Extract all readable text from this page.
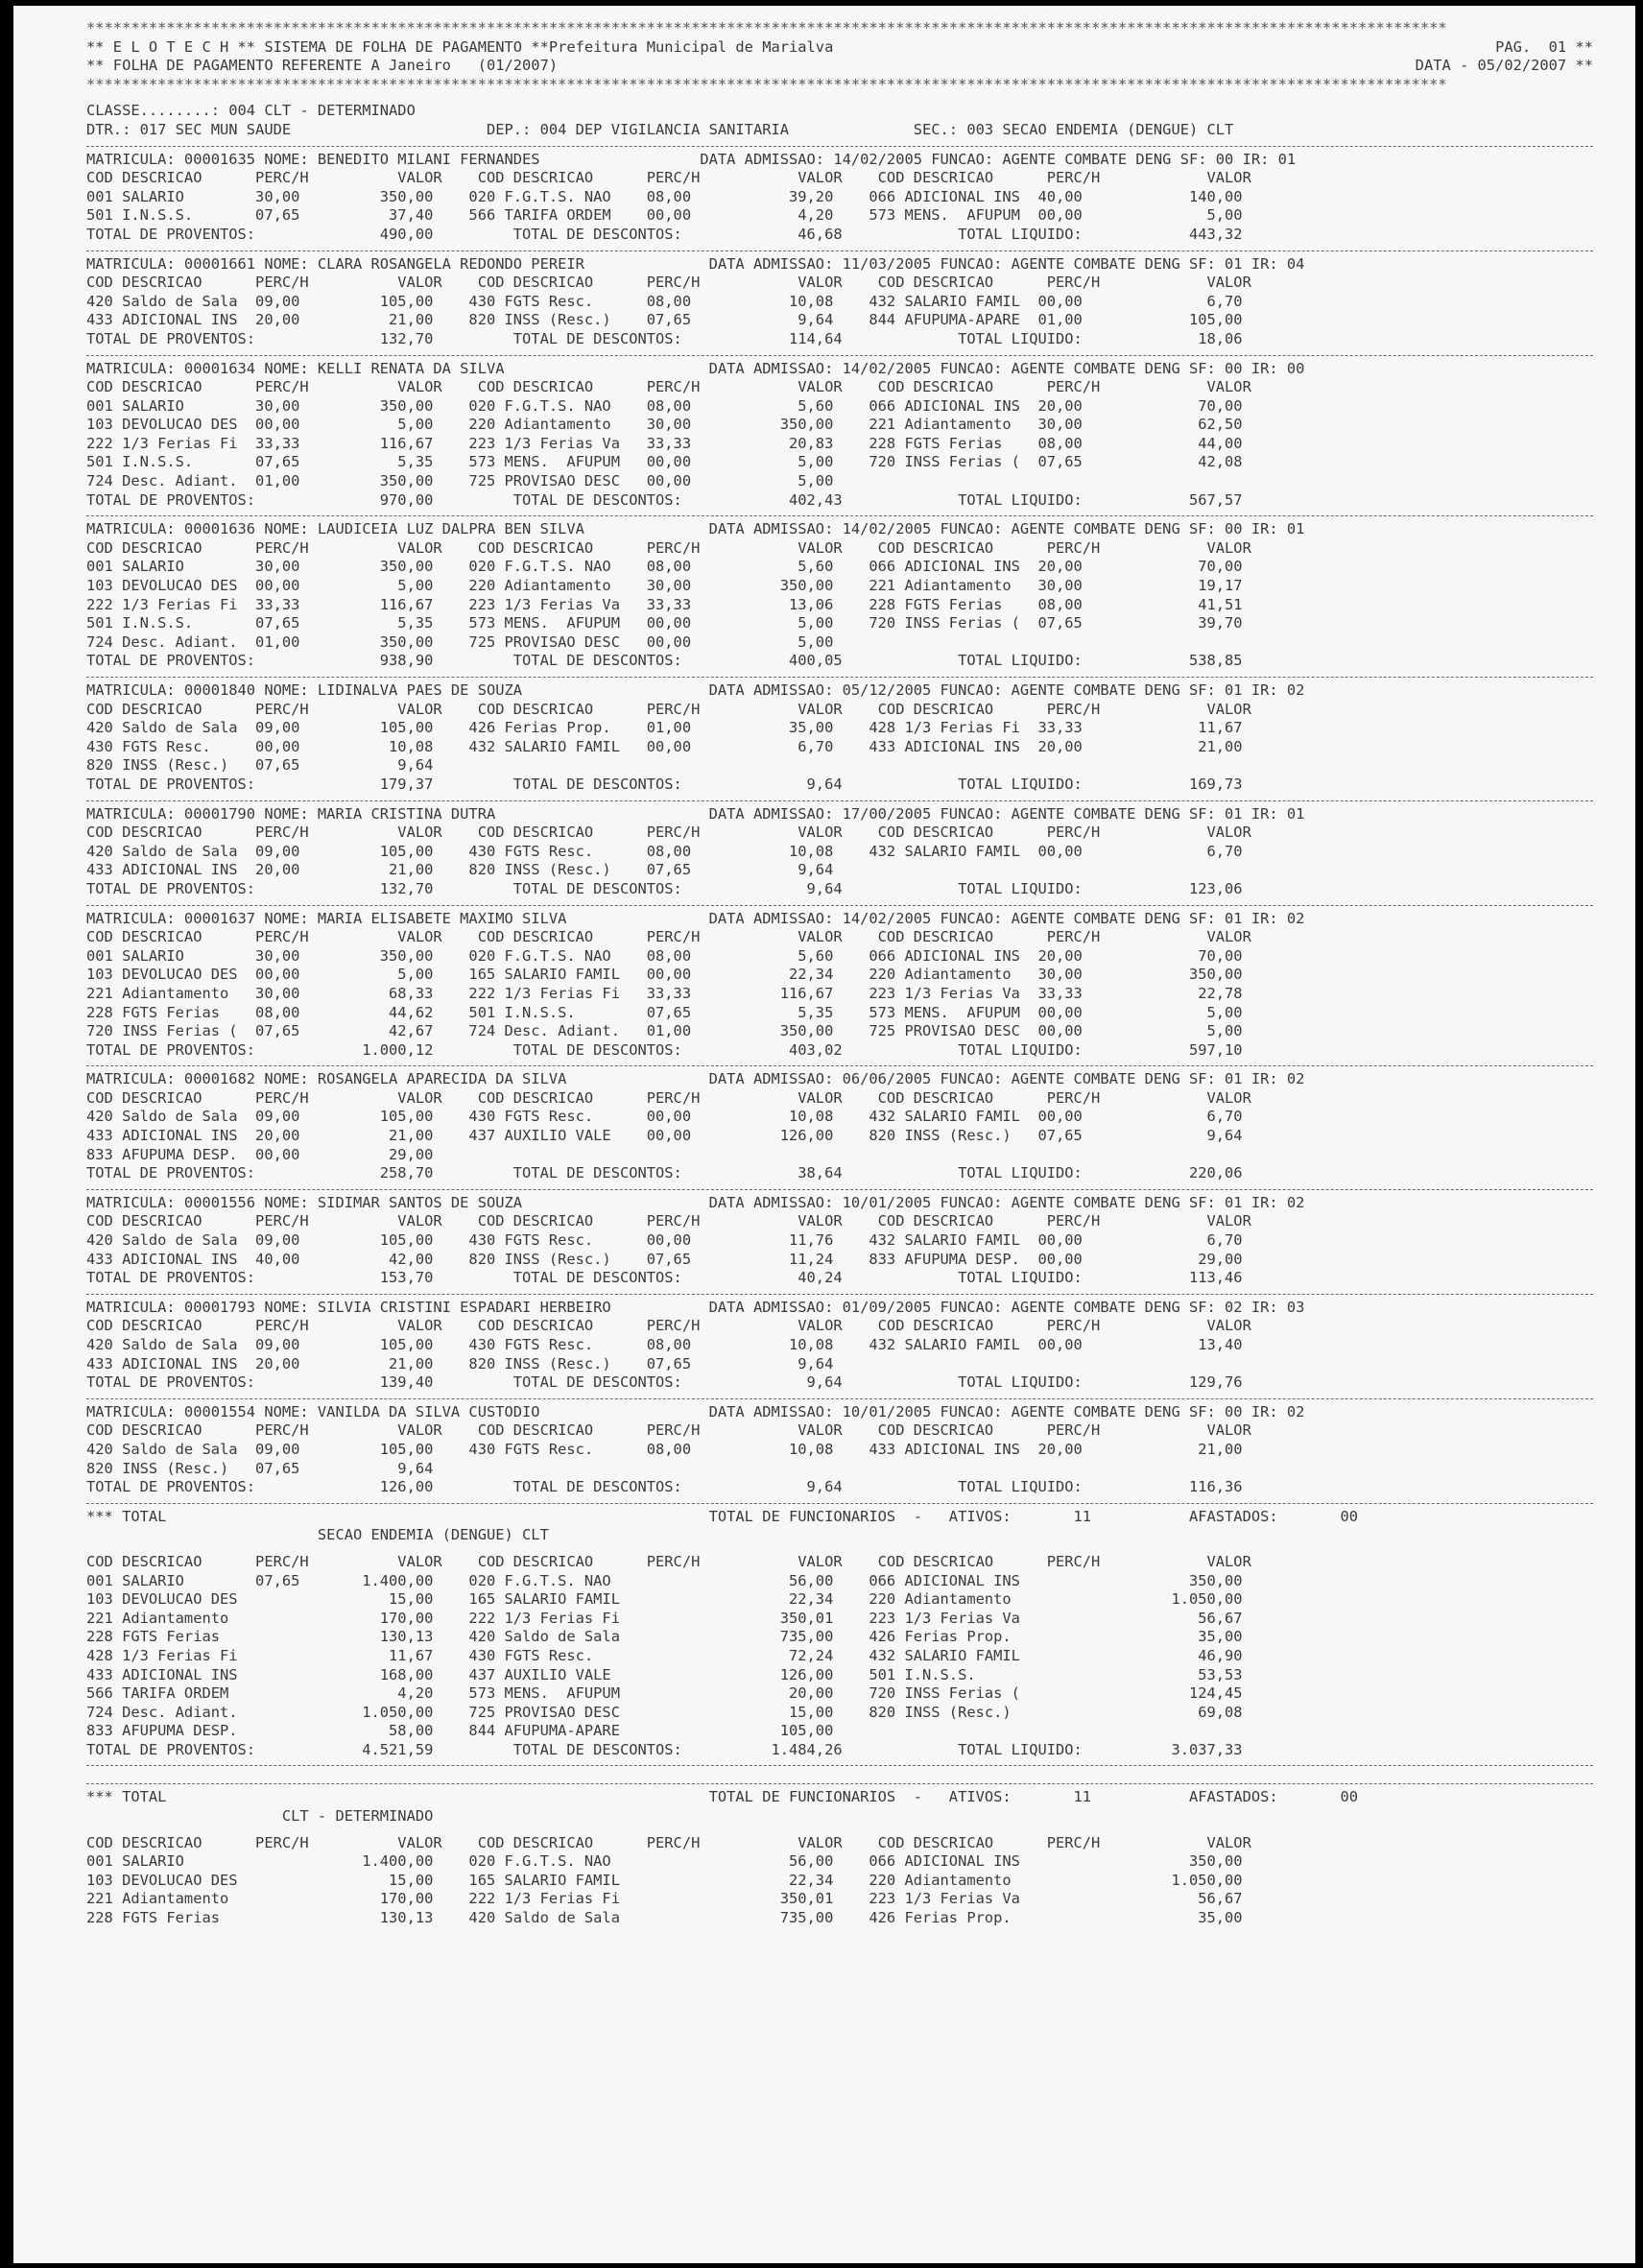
*********************************************************************************************************************************************************
** E L O T E C H ** SISTEMA DE FOLHA DE PAGAMENTO **Prefeitura Municipal de Marialva	PAG.  01 **
** FOLHA DE PAGAMENTO REFERENTE A Janeiro   (01/2007)	DATA - 05/02/2007 **
*********************************************************************************************************************************************************
CLASSE........: 004 CLT - DETERMINADO
DTR.: 017 SEC MUN SAUDE                      DEP.: 004 DEP VIGILANCIA SANITARIA              SEC.: 003 SECAO ENDEMIA (DENGUE) CLT
MATRICULA: 00001635 NOME: BENEDITO MILANI FERNANDES                  DATA ADMISSAO: 14/02/2005 FUNCAO: AGENTE COMBATE DENG SF: 00 IR: 01
COD DESCRICAO      PERC/H          VALOR    COD DESCRICAO      PERC/H           VALOR    COD DESCRICAO      PERC/H            VALOR
001 SALARIO        30,00         350,00    020 F.G.T.S. NAO    08,00           39,20    066 ADICIONAL INS  40,00            140,00
501 I.N.S.S.       07,65          37,40    566 TARIFA ORDEM    00,00            4,20    573 MENS.  AFUPUM  00,00              5,00
TOTAL DE PROVENTOS:              490,00         TOTAL DE DESCONTOS:             46,68             TOTAL LIQUIDO:            443,32
MATRICULA: 00001661 NOME: CLARA ROSANGELA REDONDO PEREIR              DATA ADMISSAO: 11/03/2005 FUNCAO: AGENTE COMBATE DENG SF: 01 IR: 04
COD DESCRICAO      PERC/H          VALOR    COD DESCRICAO      PERC/H           VALOR    COD DESCRICAO      PERC/H            VALOR
420 Saldo de Sala  09,00         105,00    430 FGTS Resc.      08,00           10,08    432 SALARIO FAMIL  00,00              6,70
433 ADICIONAL INS  20,00          21,00    820 INSS (Resc.)    07,65            9,64    844 AFUPUMA-APARE  01,00            105,00
TOTAL DE PROVENTOS:              132,70         TOTAL DE DESCONTOS:            114,64             TOTAL LIQUIDO:             18,06
MATRICULA: 00001634 NOME: KELLI RENATA DA SILVA                       DATA ADMISSAO: 14/02/2005 FUNCAO: AGENTE COMBATE DENG SF: 00 IR: 00
COD DESCRICAO      PERC/H          VALOR    COD DESCRICAO      PERC/H           VALOR    COD DESCRICAO      PERC/H            VALOR
001 SALARIO        30,00         350,00    020 F.G.T.S. NAO    08,00            5,60    066 ADICIONAL INS  20,00             70,00
103 DEVOLUCAO DES  00,00           5,00    220 Adiantamento    30,00          350,00    221 Adiantamento   30,00             62,50
222 1/3 Ferias Fi  33,33         116,67    223 1/3 Ferias Va   33,33           20,83    228 FGTS Ferias    08,00             44,00
501 I.N.S.S.       07,65           5,35    573 MENS.  AFUPUM   00,00            5,00    720 INSS Ferias (  07,65             42,08
724 Desc. Adiant.  01,00         350,00    725 PROVISAO DESC   00,00            5,00
TOTAL DE PROVENTOS:              970,00         TOTAL DE DESCONTOS:            402,43             TOTAL LIQUIDO:            567,57
MATRICULA: 00001636 NOME: LAUDICEIA LUZ DALPRA BEN SILVA              DATA ADMISSAO: 14/02/2005 FUNCAO: AGENTE COMBATE DENG SF: 00 IR: 01
COD DESCRICAO      PERC/H          VALOR    COD DESCRICAO      PERC/H           VALOR    COD DESCRICAO      PERC/H            VALOR
001 SALARIO        30,00         350,00    020 F.G.T.S. NAO    08,00            5,60    066 ADICIONAL INS  20,00             70,00
103 DEVOLUCAO DES  00,00           5,00    220 Adiantamento    30,00          350,00    221 Adiantamento   30,00             19,17
222 1/3 Ferias Fi  33,33         116,67    223 1/3 Ferias Va   33,33           13,06    228 FGTS Ferias    08,00             41,51
501 I.N.S.S.       07,65           5,35    573 MENS.  AFUPUM   00,00            5,00    720 INSS Ferias (  07,65             39,70
724 Desc. Adiant.  01,00         350,00    725 PROVISAO DESC   00,00            5,00
TOTAL DE PROVENTOS:              938,90         TOTAL DE DESCONTOS:            400,05             TOTAL LIQUIDO:            538,85
MATRICULA: 00001840 NOME: LIDINALVA PAES DE SOUZA                     DATA ADMISSAO: 05/12/2005 FUNCAO: AGENTE COMBATE DENG SF: 01 IR: 02
COD DESCRICAO      PERC/H          VALOR    COD DESCRICAO      PERC/H           VALOR    COD DESCRICAO      PERC/H            VALOR
420 Saldo de Sala  09,00         105,00    426 Ferias Prop.    01,00           35,00    428 1/3 Ferias Fi  33,33             11,67
430 FGTS Resc.     00,00          10,08    432 SALARIO FAMIL   00,00            6,70    433 ADICIONAL INS  20,00             21,00
820 INSS (Resc.)   07,65           9,64
TOTAL DE PROVENTOS:              179,37         TOTAL DE DESCONTOS:              9,64             TOTAL LIQUIDO:            169,73
MATRICULA: 00001790 NOME: MARIA CRISTINA DUTRA                        DATA ADMISSAO: 17/00/2005 FUNCAO: AGENTE COMBATE DENG SF: 01 IR: 01
COD DESCRICAO      PERC/H          VALOR    COD DESCRICAO      PERC/H           VALOR    COD DESCRICAO      PERC/H            VALOR
420 Saldo de Sala  09,00         105,00    430 FGTS Resc.      08,00           10,08    432 SALARIO FAMIL  00,00              6,70
433 ADICIONAL INS  20,00          21,00    820 INSS (Resc.)    07,65            9,64
TOTAL DE PROVENTOS:              132,70         TOTAL DE DESCONTOS:              9,64             TOTAL LIQUIDO:            123,06
MATRICULA: 00001637 NOME: MARIA ELISABETE MAXIMO SILVA                DATA ADMISSAO: 14/02/2005 FUNCAO: AGENTE COMBATE DENG SF: 01 IR: 02
COD DESCRICAO      PERC/H          VALOR    COD DESCRICAO      PERC/H           VALOR    COD DESCRICAO      PERC/H            VALOR
001 SALARIO        30,00         350,00    020 F.G.T.S. NAO    08,00            5,60    066 ADICIONAL INS  20,00             70,00
103 DEVOLUCAO DES  00,00           5,00    165 SALARIO FAMIL   00,00           22,34    220 Adiantamento   30,00            350,00
221 Adiantamento   30,00          68,33    222 1/3 Ferias Fi   33,33          116,67    223 1/3 Ferias Va  33,33             22,78
228 FGTS Ferias    08,00          44,62    501 I.N.S.S.        07,65            5,35    573 MENS.  AFUPUM  00,00              5,00
720 INSS Ferias (  07,65          42,67    724 Desc. Adiant.   01,00          350,00    725 PROVISAO DESC  00,00              5,00
TOTAL DE PROVENTOS:            1.000,12         TOTAL DE DESCONTOS:            403,02             TOTAL LIQUIDO:            597,10
MATRICULA: 00001682 NOME: ROSANGELA APARECIDA DA SILVA                DATA ADMISSAO: 06/06/2005 FUNCAO: AGENTE COMBATE DENG SF: 01 IR: 02
COD DESCRICAO      PERC/H          VALOR    COD DESCRICAO      PERC/H           VALOR    COD DESCRICAO      PERC/H            VALOR
420 Saldo de Sala  09,00         105,00    430 FGTS Resc.      00,00           10,08    432 SALARIO FAMIL  00,00              6,70
433 ADICIONAL INS  20,00          21,00    437 AUXILIO VALE    00,00          126,00    820 INSS (Resc.)   07,65              9,64
833 AFUPUMA DESP.  00,00          29,00
TOTAL DE PROVENTOS:              258,70         TOTAL DE DESCONTOS:             38,64             TOTAL LIQUIDO:            220,06
MATRICULA: 00001556 NOME: SIDIMAR SANTOS DE SOUZA                     DATA ADMISSAO: 10/01/2005 FUNCAO: AGENTE COMBATE DENG SF: 01 IR: 02
COD DESCRICAO      PERC/H          VALOR    COD DESCRICAO      PERC/H           VALOR    COD DESCRICAO      PERC/H            VALOR
420 Saldo de Sala  09,00         105,00    430 FGTS Resc.      00,00           11,76    432 SALARIO FAMIL  00,00              6,70
433 ADICIONAL INS  40,00          42,00    820 INSS (Resc.)    07,65           11,24    833 AFUPUMA DESP.  00,00             29,00
TOTAL DE PROVENTOS:              153,70         TOTAL DE DESCONTOS:             40,24             TOTAL LIQUIDO:            113,46
MATRICULA: 00001793 NOME: SILVIA CRISTINI ESPADARI HERBEIRO           DATA ADMISSAO: 01/09/2005 FUNCAO: AGENTE COMBATE DENG SF: 02 IR: 03
COD DESCRICAO      PERC/H          VALOR    COD DESCRICAO      PERC/H           VALOR    COD DESCRICAO      PERC/H            VALOR
420 Saldo de Sala  09,00         105,00    430 FGTS Resc.      08,00           10,08    432 SALARIO FAMIL  00,00             13,40
433 ADICIONAL INS  20,00          21,00    820 INSS (Resc.)    07,65            9,64
TOTAL DE PROVENTOS:              139,40         TOTAL DE DESCONTOS:              9,64             TOTAL LIQUIDO:            129,76
MATRICULA: 00001554 NOME: VANILDA DA SILVA CUSTODIO                   DATA ADMISSAO: 10/01/2005 FUNCAO: AGENTE COMBATE DENG SF: 00 IR: 02
COD DESCRICAO      PERC/H          VALOR    COD DESCRICAO      PERC/H           VALOR    COD DESCRICAO      PERC/H            VALOR
420 Saldo de Sala  09,00         105,00    430 FGTS Resc.      08,00           10,08    433 ADICIONAL INS  20,00             21,00
820 INSS (Resc.)   07,65           9,64
TOTAL DE PROVENTOS:              126,00         TOTAL DE DESCONTOS:              9,64             TOTAL LIQUIDO:            116,36
*** TOTAL                                                             TOTAL DE FUNCIONARIOS  -   ATIVOS:       11           AFASTADOS:       00
SECAO ENDEMIA (DENGUE) CLT
COD DESCRICAO      PERC/H          VALOR    COD DESCRICAO      PERC/H           VALOR    COD DESCRICAO      PERC/H            VALOR
001 SALARIO        07,65       1.400,00    020 F.G.T.S. NAO                    56,00    066 ADICIONAL INS                   350,00
103 DEVOLUCAO DES                 15,00    165 SALARIO FAMIL                   22,34    220 Adiantamento                  1.050,00
221 Adiantamento                 170,00    222 1/3 Ferias Fi                  350,01    223 1/3 Ferias Va                    56,67
228 FGTS Ferias                  130,13    420 Saldo de Sala                  735,00    426 Ferias Prop.                     35,00
428 1/3 Ferias Fi                 11,67    430 FGTS Resc.                      72,24    432 SALARIO FAMIL                    46,90
433 ADICIONAL INS                168,00    437 AUXILIO VALE                   126,00    501 I.N.S.S.                         53,53
566 TARIFA ORDEM                   4,20    573 MENS.  AFUPUM                   20,00    720 INSS Ferias (                   124,45
724 Desc. Adiant.              1.050,00    725 PROVISAO DESC                   15,00    820 INSS (Resc.)                     69,08
833 AFUPUMA DESP.                 58,00    844 AFUPUMA-APARE                  105,00
TOTAL DE PROVENTOS:            4.521,59         TOTAL DE DESCONTOS:          1.484,26             TOTAL LIQUIDO:          3.037,33
*** TOTAL                                                             TOTAL DE FUNCIONARIOS  -   ATIVOS:       11           AFASTADOS:       00
CLT - DETERMINADO
COD DESCRICAO      PERC/H          VALOR    COD DESCRICAO      PERC/H           VALOR    COD DESCRICAO      PERC/H            VALOR
001 SALARIO                    1.400,00    020 F.G.T.S. NAO                    56,00    066 ADICIONAL INS                   350,00
103 DEVOLUCAO DES                 15,00    165 SALARIO FAMIL                   22,34    220 Adiantamento                  1.050,00
221 Adiantamento                 170,00    222 1/3 Ferias Fi                  350,01    223 1/3 Ferias Va                    56,67
228 FGTS Ferias                  130,13    420 Saldo de Sala                  735,00    426 Ferias Prop.                     35,00
